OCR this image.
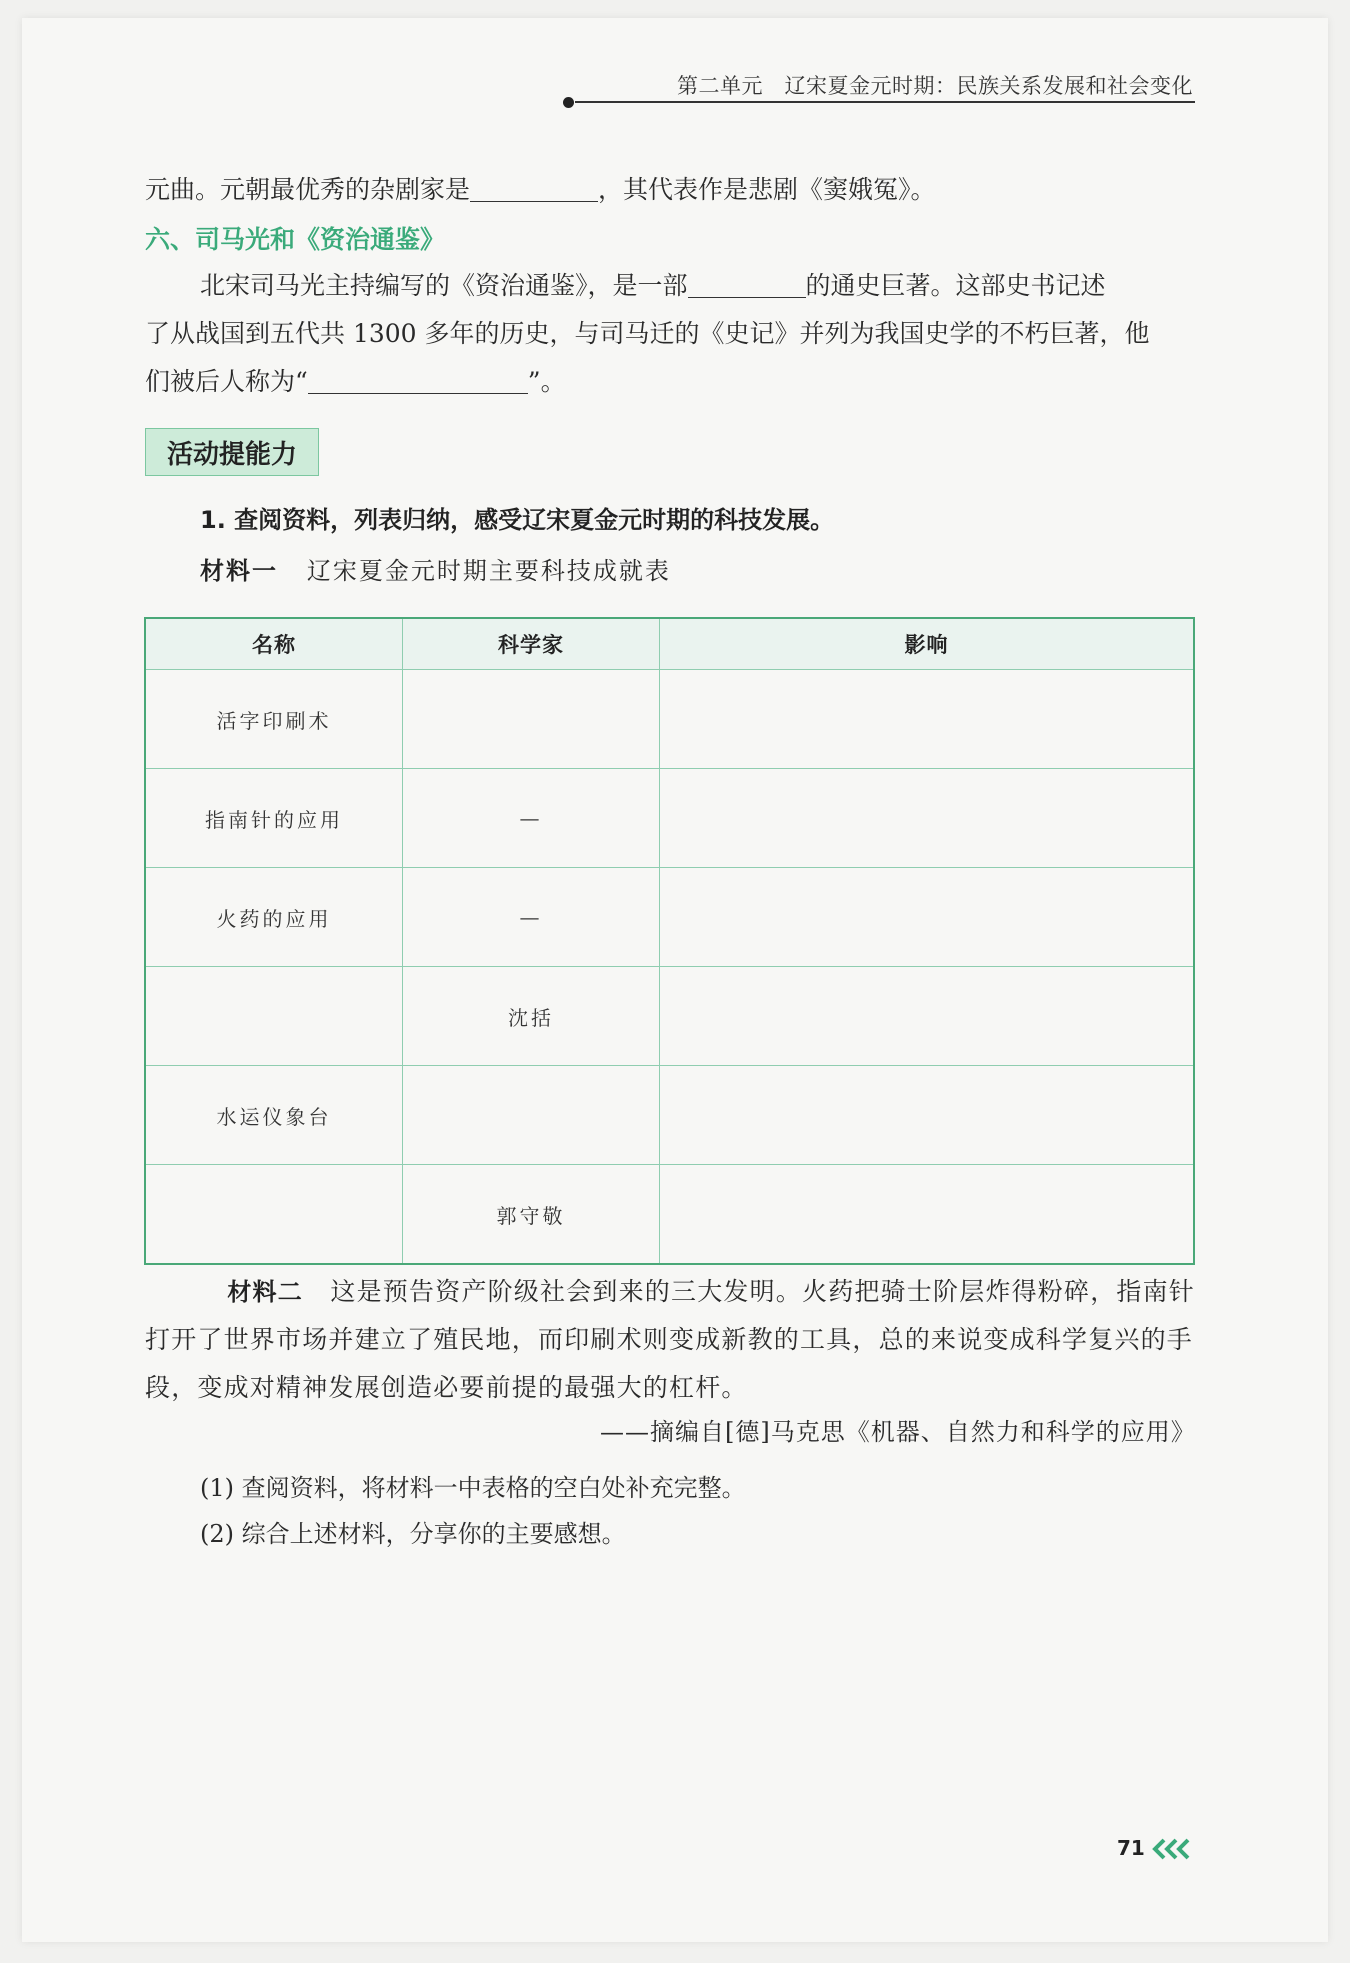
第二单元　辽宋夏金元时期：民族关系发展和社会变化
元曲。元朝最优秀的杂剧家是	，其代表作是悲剧《窦娥冤》。
六、司马光和《资治通鉴》
北宋司马光主持编写的《资治通鉴》，是一部	的通史巨著。这部史书记述
了从战国到五代共 1300 多年的历史，与司马迁的《史记》并列为我国史学的不朽巨著，他
们被后人称为“	”。
活动提能力
1. 查阅资料，列表归纳，感受辽宋夏金元时期的科技发展。
材料一 辽宋夏金元时期主要科技成就表
名称	科学家	影响
活字印刷术		
指南针的应用	—	
火药的应用	—	
	沈括	
水运仪象台		
	郭守敬	
材料二 这是预告资产阶级社会到来的三大发明。火药把骑士阶层炸得粉碎，指南针打开了世界市场并建立了殖民地，而印刷术则变成新教的工具，总的来说变成科学复兴的手段，变成对精神发展创造必要前提的最强大的杠杆。
——摘编自[德]马克思《机器、自然力和科学的应用》
(1) 查阅资料，将材料一中表格的空白处补充完整。
(2) 综合上述材料，分享你的主要感想。
71
